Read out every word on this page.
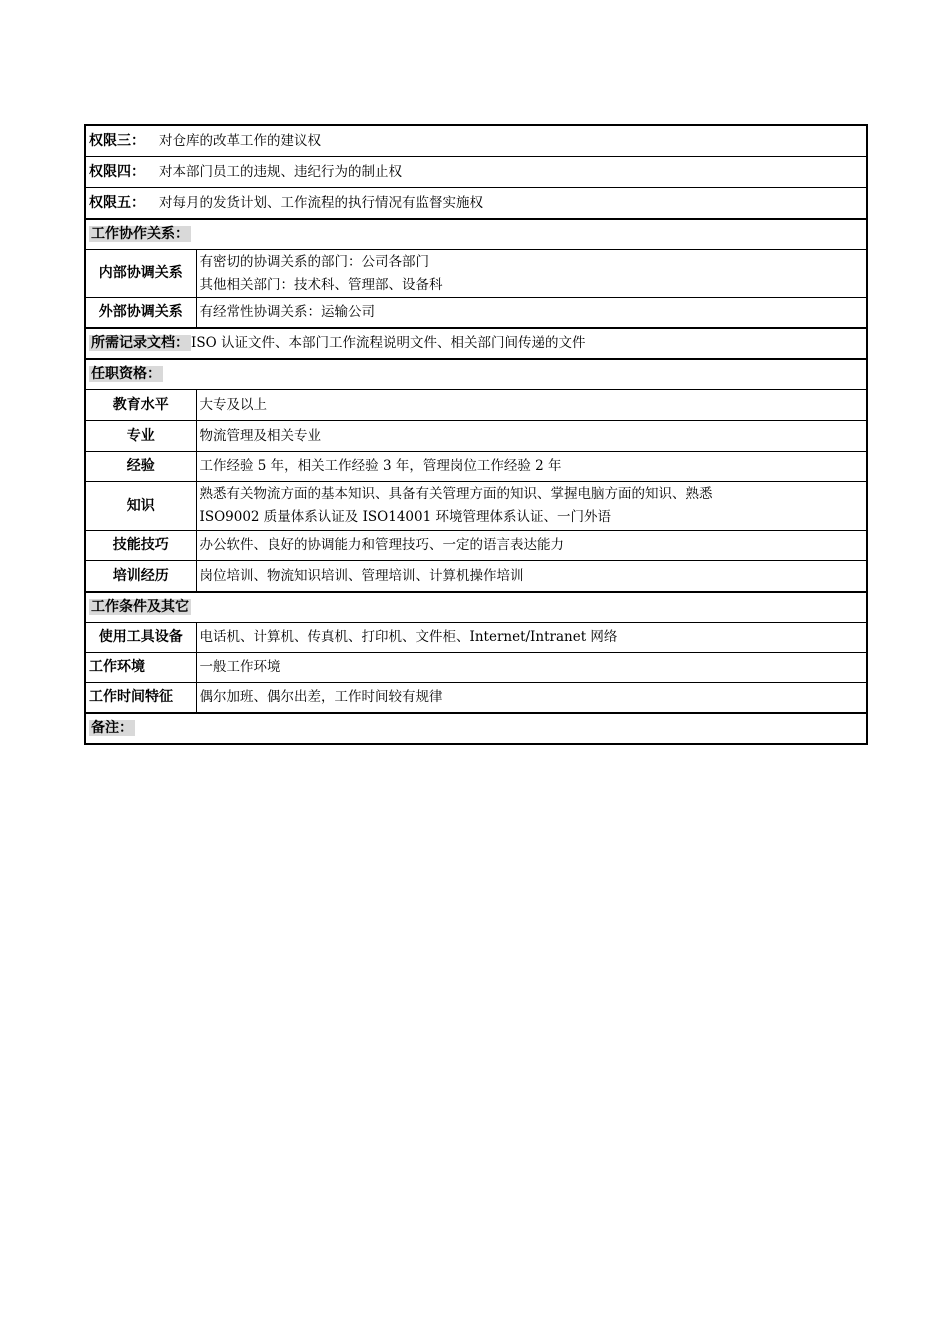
权限三： 对仓库的改革工作的建议权	
权限四： 对本部门员工的违规、违纪行为的制止权	
权限五： 对每月的发货计划、工作流程的执行情况有监督实施权	
工作协作关系：	
内部协调关系	有密切的协调关系的部门：公司各部门
其他相关部门：技术科、管理部、设备科

外部协调关系	有经常性协调关系：运输公司
所需记录文档： ISO 认证文件、本部门工作流程说明文件、相关部门间传递的文件	
任职资格：	
教育水平	大专及以上
专业	物流管理及相关专业
经验	工作经验 5 年，相关工作经验 3 年，管理岗位工作经验 2 年
知识	熟悉有关物流方面的基本知识、具备有关管理方面的知识、掌握电脑方面的知识、熟悉
ISO9002 质量体系认证及 ISO14001 环境管理体系认证、一门外语

技能技巧	办公软件、良好的协调能力和管理技巧、一定的语言表达能力
培训经历	岗位培训、物流知识培训、管理培训、计算机操作培训
工作条件及其它	
使用工具设备	电话机、计算机、传真机、打印机、文件柜、Internet/Intranet 网络
工作环境	一般工作环境
工作时间特征	偶尔加班、偶尔出差，工作时间较有规律
备注：	
